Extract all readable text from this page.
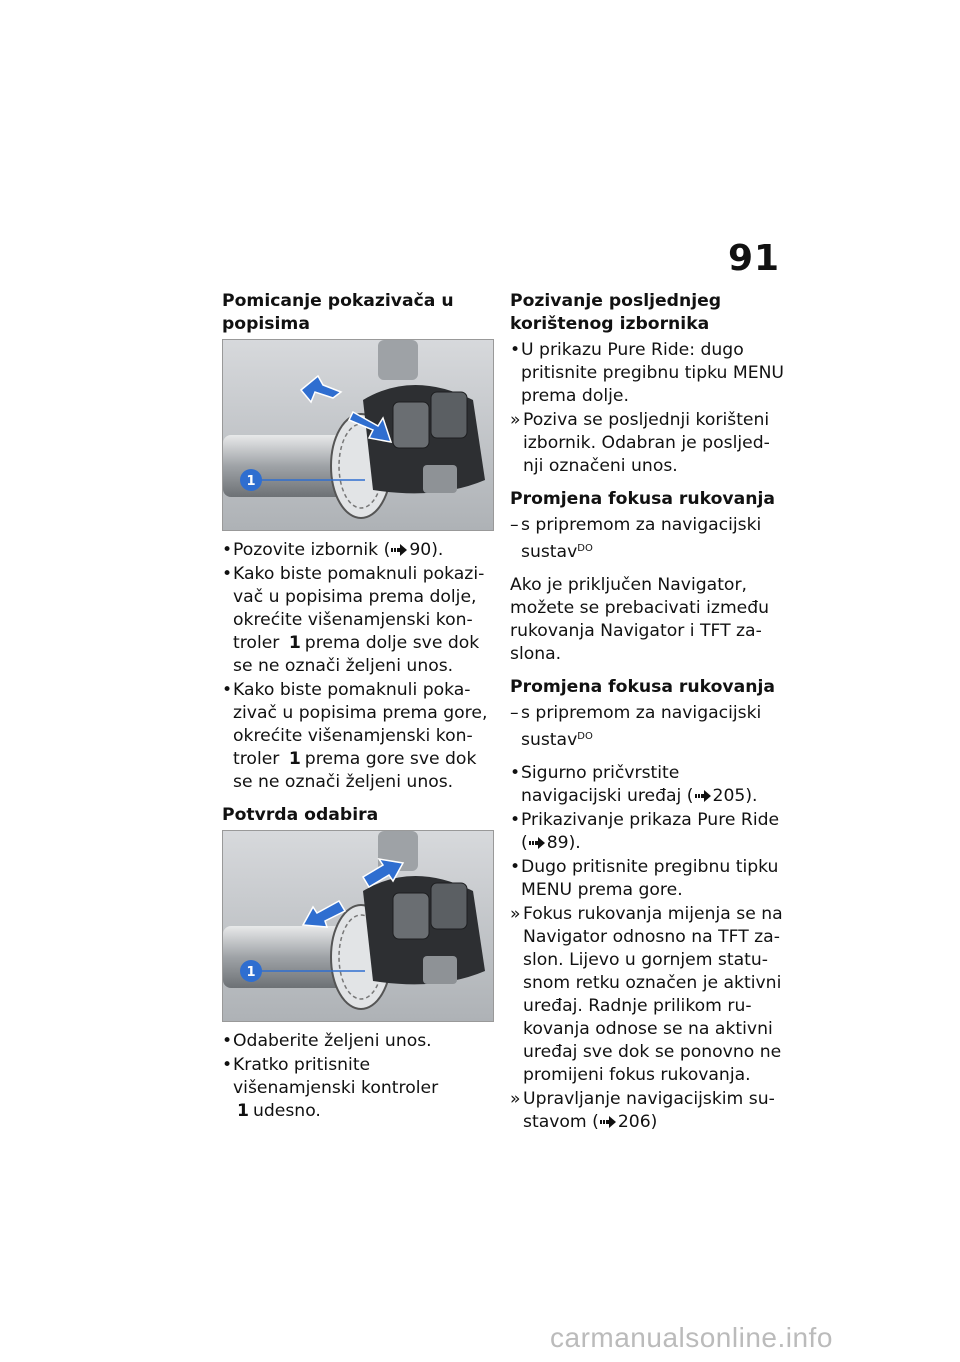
91
Pomicanje pokazivača u popisima
1
• Pozovite izbornik ( 90).
• Kako biste pomaknuli pokazi-vač u popisima prema dolje, okrećite višenamjenski kon-troler 1 prema dolje sve dok se ne označi željeni unos.
• Kako biste pomaknuli poka-zivač u popisima prema gore, okrećite višenamjenski kon-troler 1 prema gore sve dok se ne označi željeni unos.
Potvrda odabira
1
• Odaberite željeni unos.
• Kratko pritisnite višenamjenski kontroler 1 udesno.
Pozivanje posljednjeg korištenog izbornika
• U prikazu Pure Ride: dugo pritisnite pregibnu tipku MENU prema dolje.
» Poziva se posljednji korišteni izbornik. Odabran je posljed-nji označeni unos.
Promjena fokusa rukovanja
– s pripremom za navigacijski sustav$^{DO}$

Ako je priključen Navigator, možete se prebacivati između rukovanja Navigator i TFT za-slona.

Promjena fokusa rukovanja
– s pripremom za navigacijski sustav$^{DO}$
• Sigurno pričvrstite navigacijski uređaj ( 205).
• Prikazivanje prikaza Pure Ride ( 89).
• Dugo pritisnite pregibnu tipku MENU prema gore.
» Fokus rukovanja mijenja se na Navigator odnosno na TFT za-slon. Lijevo u gornjem statu-snom retku označen je aktivni uređaj. Radnje prilikom ru-kovanja odnose se na aktivni uređaj sve dok se ponovno ne promijeni fokus rukovanja.
» Upravljanje navigacijskim su-stavom ( 206)
carmanualsonline.info
